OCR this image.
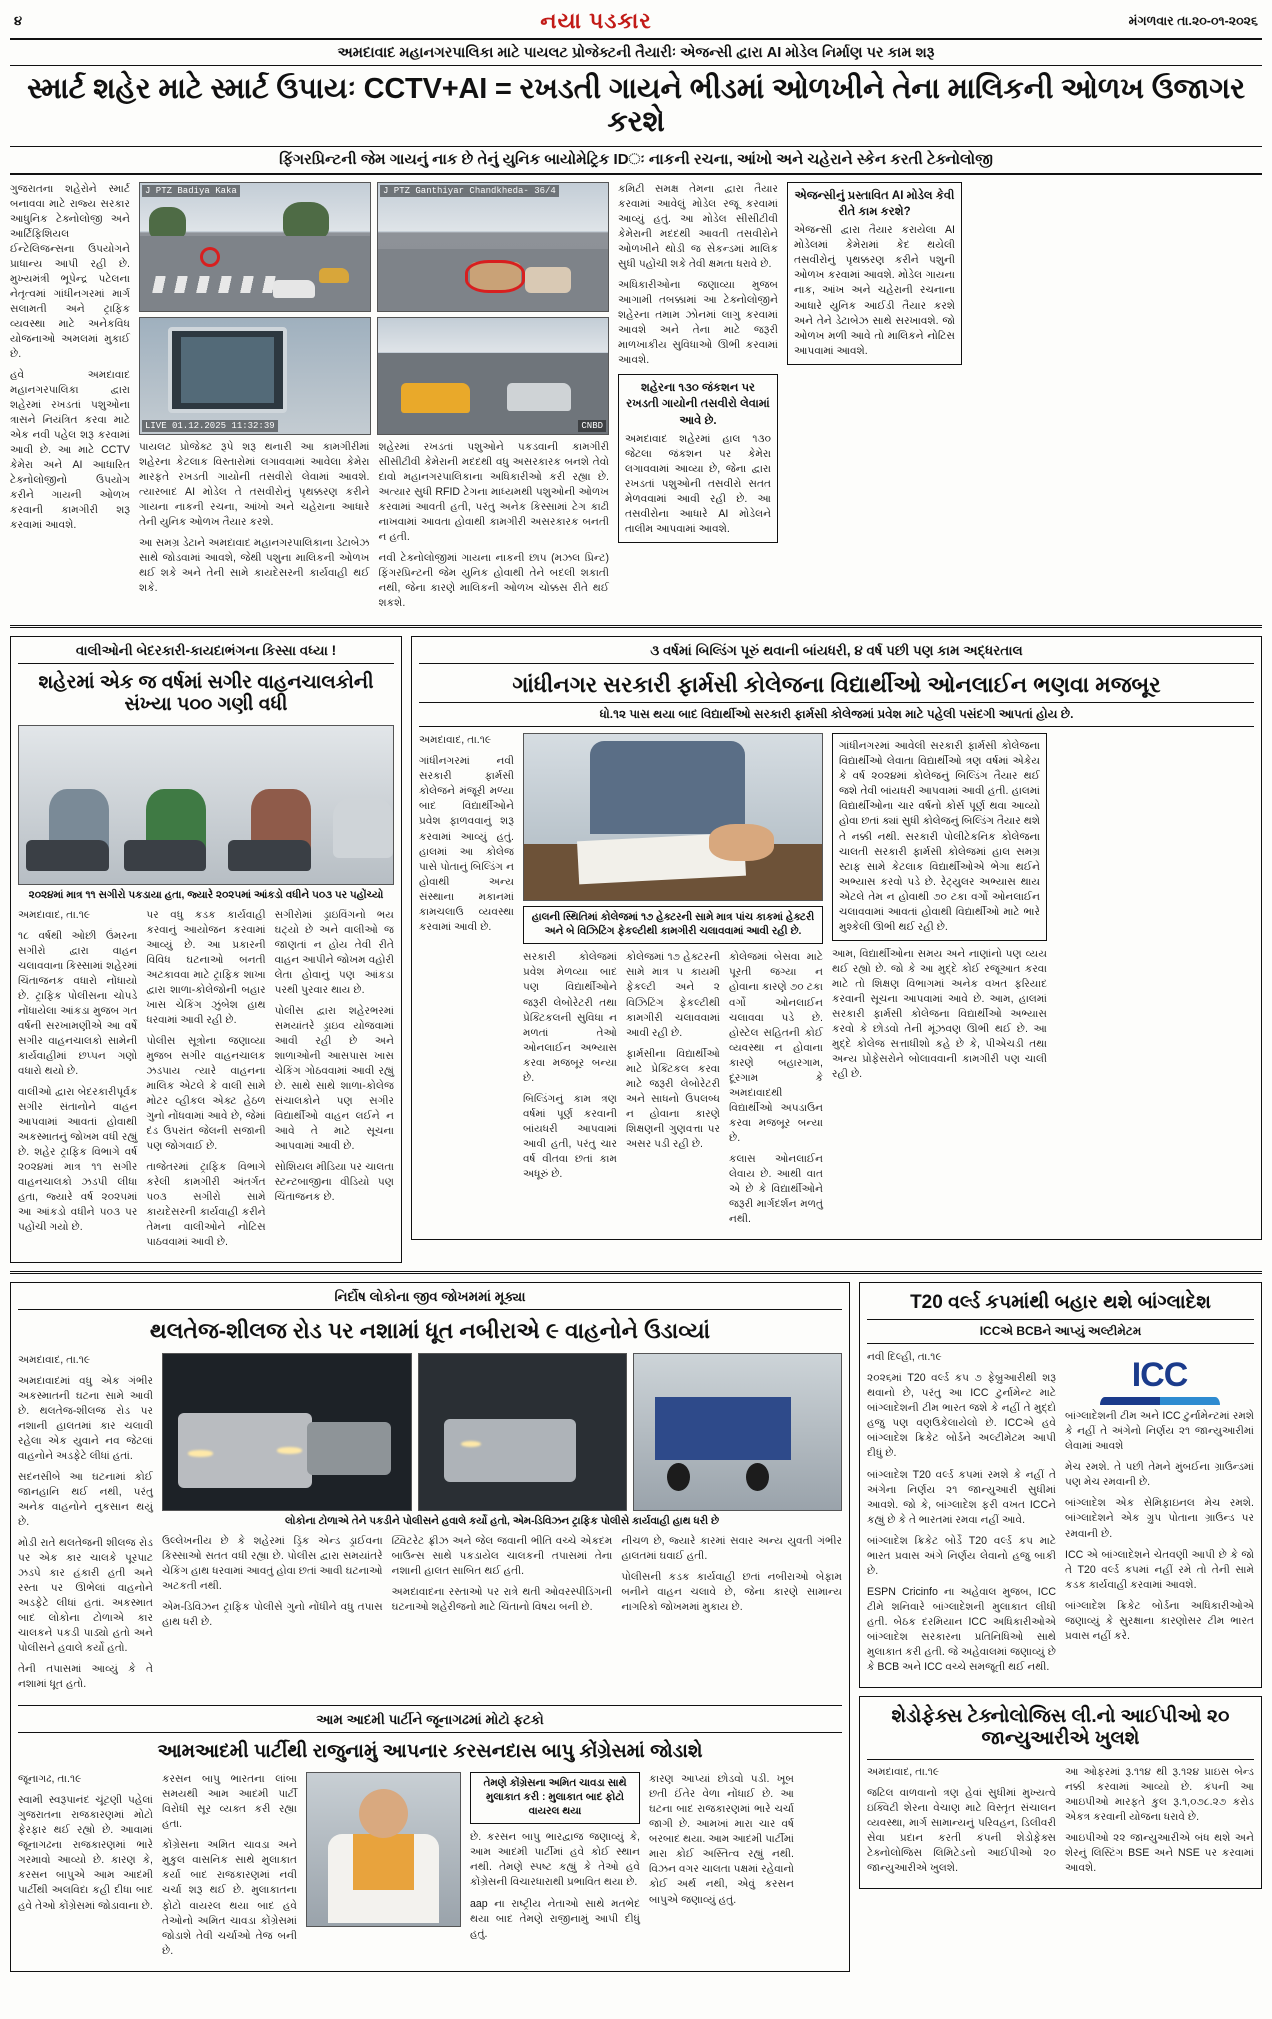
૪	નયા પડકાર	મંગળવાર તા.૨૦-૦૧-૨૦૨૬
અમદાવાદ મહાનગરપાલિકા માટે પાયલટ પ્રોજેક્ટની તૈયારીઃ એજન્સી દ્વારા AI મોડેલ નિર્માણ પર કામ શરૂ
સ્માર્ટ શહેર માટે સ્માર્ટ ઉપાયઃ CCTV+AI = રખડતી ગાયને ભીડમાં ઓળખીને તેના માલિકની ઓળખ ઉજાગર કરશે
ફિંગરપ્રિન્ટની જેમ ગાયનું નાક છે તેનું યુનિક બાયોમેટ્રિક IDઃ નાકની રચના, આંખો અને ચહેરાને સ્કેન કરતી ટેક્નોલોજી

ગુજરાતના શહેરોને સ્માર્ટ બનાવવા માટે રાજ્ય સરકાર આધુનિક ટેક્નોલોજી અને આર્ટિફિશિયલ ઈન્ટેલિજન્સના ઉપયોગને પ્રાધાન્ય આપી રહી છે. મુખ્યમંત્રી ભૂપેન્દ્ર પટેલના નેતૃત્વમાં ગાંધીનગરમાં માર્ગ સલામતી અને ટ્રાફિક વ્યવસ્થા માટે અનેકવિધ યોજનાઓ અમલમાં મુકાઈ છે.

હવે અમદાવાદ મહાનગરપાલિકા દ્વારા શહેરમાં રખડતાં પશુઓના ત્રાસને નિયંત્રિત કરવા માટે એક નવી પહેલ શરૂ કરવામાં આવી છે. આ માટે CCTV કેમેરા અને AI આધારિત ટેક્નોલોજીનો ઉપયોગ કરીને ગાયની ઓળખ કરવાની કામગીરી શરૂ કરવામાં આવશે.

J PTZ Badiya Kaka	J PTZ Ganthiyar Chandkheda- 36/4
LIVE 01.12.2025 11:32:39	CNBD

પાયલટ પ્રોજેક્ટ રૂપે શરૂ થનારી આ કામગીરીમાં શહેરના કેટલાક વિસ્તારોમાં લગાવવામાં આવેલા કેમેરા મારફતે રખડતી ગાયોની તસવીરો લેવામાં આવશે. ત્યારબાદ AI મોડેલ તે તસવીરોનું પૃથક્કરણ કરીને ગાયના નાકની રચના, આંખો અને ચહેરાના આધારે તેની યુનિક ઓળખ તૈયાર કરશે.

આ સમગ્ર ડેટાને અમદાવાદ મહાનગરપાલિકાના ડેટાબેઝ સાથે જોડવામાં આવશે, જેથી પશુના માલિકની ઓળખ થઈ શકે અને તેની સામે કાયદેસરની કાર્યવાહી થઈ શકે.

શહેરમાં રખડતાં પશુઓને પકડવાની કામગીરી સીસીટીવી કેમેરાની મદદથી વધુ અસરકારક બનશે તેવો દાવો મહાનગરપાલિકાના અધિકારીઓ કરી રહ્યા છે. અત્યાર સુધી RFID ટેગના માધ્યમથી પશુઓની ઓળખ કરવામાં આવતી હતી, પરંતુ અનેક કિસ્સામાં ટેગ કાઢી નાખવામાં આવતા હોવાથી કામગીરી અસરકારક બનતી ન હતી.

નવી ટેક્નોલોજીમાં ગાયના નાકની છાપ (મઝલ પ્રિન્ટ) ફિંગરપ્રિન્ટની જેમ યુનિક હોવાથી તેને બદલી શકાતી નથી, જેના કારણે માલિકની ઓળખ ચોક્કસ રીતે થઈ શકશે.

કમિટી સમક્ષ તેમના દ્વારા તૈયાર કરવામાં આવેલું મોડેલ રજૂ કરવામાં આવ્યું હતું. આ મોડેલ સીસીટીવી કેમેરાની મદદથી આવતી તસવીરોને ઓળખીને થોડી જ સેકન્ડમાં માલિક સુધી પહોંચી શકે તેવી ક્ષમતા ધરાવે છે.

અધિકારીઓના જણાવ્યા મુજબ આગામી તબક્કામાં આ ટેક્નોલોજીને શહેરના તમામ ઝોનમાં લાગુ કરવામાં આવશે અને તેના માટે જરૂરી માળખાકીય સુવિધાઓ ઊભી કરવામાં આવશે.

શહેરના ૧૩૦ જંકશન પર રખડતી ગાયોની તસવીરો લેવામાં આવે છે.
અમદાવાદ શહેરમાં હાલ ૧૩૦ જેટલા જંકશન પર કેમેરા લગાવવામાં આવ્યા છે, જેના દ્વારા રખડતાં પશુઓની તસવીરો સતત મેળવવામાં આવી રહી છે. આ તસવીરોના આધારે AI મોડેલને તાલીમ આપવામાં આવશે.
એજન્સીનું પ્રસ્તાવિત AI મોડેલ કેવી રીતે કામ કરશે?
એજન્સી દ્વારા તૈયાર કરાયેલા AI મોડેલમાં કેમેરામાં કેદ થયેલી તસવીરોનું પૃથક્કરણ કરીને પશુની ઓળખ કરવામાં આવશે. મોડેલ ગાયના નાક, આંખ અને ચહેરાની રચનાના આધારે યુનિક આઈડી તૈયાર કરશે અને તેને ડેટાબેઝ સાથે સરખાવશે. જો ઓળખ મળી આવે તો માલિકને નોટિસ આપવામાં આવશે.
વાલીઓની બેદરકારી-કાયદાભંગના કિસ્સા વધ્યા !
શહેરમાં એક જ વર્ષમાં સગીર વાહનચાલકોની સંખ્યા ૫૦૦ ગણી વધી
૨૦૨૪માં માત્ર ૧૧ સગીરો પકડાયા હતા, જ્યારે ૨૦૨૫માં આંકડો વધીને ૫૦૩ પર પહોંચ્યો

અમદાવાદ, તા.૧૯

૧૮ વર્ષથી ઓછી ઉંમરના સગીરો દ્વારા વાહન ચલાવવાના કિસ્સામાં શહેરમાં ચિંતાજનક વધારો નોંધાયો છે. ટ્રાફિક પોલીસના ચોપડે નોંધાયેલા આંકડા મુજબ ગત વર્ષની સરખામણીએ આ વર્ષે સગીર વાહનચાલકો સામેની કાર્યવાહીમાં છપ્પન ગણો વધારો થયો છે.

વાલીઓ દ્વારા બેદરકારીપૂર્વક સગીર સંતાનોને વાહન આપવામાં આવતાં હોવાથી અકસ્માતનું જોખમ વધી રહ્યું છે. શહેર ટ્રાફિક વિભાગે વર્ષ ૨૦૨૪માં માત્ર ૧૧ સગીર વાહનચાલકો ઝડપી લીધા હતા, જ્યારે વર્ષ ૨૦૨૫માં આ આંકડો વધીને ૫૦૩ પર પહોંચી ગયો છે.

પર વધુ કડક કાર્યવાહી કરવાનું આયોજન કરવામાં આવ્યું છે. આ પ્રકારની વિવિધ ઘટનાઓ બનતી અટકાવવા માટે ટ્રાફિક શાખા દ્વારા શાળા-કોલેજોની બહાર ખાસ ચેકિંગ ઝુંબેશ હાથ ધરવામાં આવી રહી છે.

પોલીસ સૂત્રોના જણાવ્યા મુજબ સગીર વાહનચાલક ઝડપાય ત્યારે વાહનના માલિક એટલે કે વાલી સામે મોટર વ્હીકલ એક્ટ હેઠળ ગુનો નોંધવામાં આવે છે, જેમાં દંડ ઉપરાંત જેલની સજાની પણ જોગવાઈ છે.

તાજેતરમાં ટ્રાફિક વિભાગે કરેલી કામગીરી અંતર્ગત ૫૦૩ સગીરો સામે કાયદેસરની કાર્યવાહી કરીને તેમના વાલીઓને નોટિસ પાઠવવામાં આવી છે.

સગીરોમાં ડ્રાઇવિંગનો ભય ઘટ્યો છે અને વાલીઓ જ જાણતાં ન હોય તેવી રીતે વાહન આપીને જોખમ વહોરી લેતા હોવાનું પણ આંકડા પરથી પુરવાર થાય છે.

પોલીસ દ્વારા શહેરભરમાં સમયાંતરે ડ્રાઇવ યોજવામાં આવી રહી છે અને શાળાઓની આસપાસ ખાસ ચેકિંગ ગોઠવવામાં આવી રહ્યું છે. સાથે સાથે શાળા-કોલેજ સંચાલકોને પણ સગીર વિદ્યાર્થીઓ વાહન લઈને ન આવે તે માટે સૂચના આપવામાં આવી છે.

સોશિયલ મીડિયા પર ચાલતા સ્ટન્ટબાજીના વીડિયો પણ ચિંતાજનક છે.

૩ વર્ષમાં બિલ્ડિંગ પૂરું થવાની બાંયધરી, ૪ વર્ષ પછી પણ કામ અદ્ધરતાલ
ગાંધીનગર સરકારી ફાર્મસી કોલેજના વિદ્યાર્થીઓ ઓનલાઈન ભણવા મજબૂર
ધો.૧૨ પાસ થયા બાદ વિદ્યાર્થીઓ સરકારી ફાર્મસી કોલેજમાં પ્રવેશ માટે પહેલી પસંદગી આપતાં હોય છે.

અમદાવાદ, તા.૧૯

ગાંધીનગરમાં નવી સરકારી ફાર્મસી કોલેજને મંજૂરી મળ્યા બાદ વિદ્યાર્થીઓને પ્રવેશ ફાળવવાનું શરૂ કરવામાં આવ્યું હતું. હાલમાં આ કોલેજ પાસે પોતાનું બિલ્ડિંગ ન હોવાથી અન્ય સંસ્થાના મકાનમાં કામચલાઉ વ્યવસ્થા કરવામાં આવી છે.

હાલની સ્થિતિમાં કોલેજમાં ૧૭ હેક્ટરની સામે માત્ર પાંચ કાકમાં હેક્ટરી અને બે વિઝિટિંગ ફેકલ્ટીથી કામગીરી ચલાવવામાં આવી રહી છે.

સરકારી કોલેજમાં પ્રવેશ મેળવ્યા બાદ પણ વિદ્યાર્થીઓને જરૂરી લેબોરેટરી તથા પ્રેક્ટિકલની સુવિધા ન મળતાં તેઓ ઓનલાઈન અભ્યાસ કરવા મજબૂર બન્યા છે.

બિલ્ડિંગનું કામ ત્રણ વર્ષમાં પૂર્ણ કરવાની બાંયધરી આપવામાં આવી હતી, પરંતુ ચાર વર્ષ વીતવા છતાં કામ અધૂરું છે.

કોલેજમાં ૧૭ હેક્ટરની સામે માત્ર ૫ કાયમી ફેકલ્ટી અને ૨ વિઝિટિંગ ફેકલ્ટીથી કામગીરી ચલાવવામાં આવી રહી છે.

ફાર્મસીના વિદ્યાર્થીઓ માટે પ્રેક્ટિકલ કરવા માટે જરૂરી લેબોરેટરી અને સાધનો ઉપલબ્ધ ન હોવાના કારણે શિક્ષણની ગુણવત્તા પર અસર પડી રહી છે.

કોલેજમાં બેસવા માટે પૂરતી જગ્યા ન હોવાના કારણે ૭૦ ટકા વર્ગો ઓનલાઈન ચલાવવા પડે છે. હોસ્ટેલ સહિતની કોઈ વ્યવસ્થા ન હોવાના કારણે બહારગામ, દૂરગામ કે અમદાવાદથી વિદ્યાર્થીઓ અપડાઉન કરવા મજબૂર બન્યા છે.

કલાસ ઓનલાઈન લેવાય છે. આથી વાત એ છે કે વિદ્યાર્થીઓને જરૂરી માર્ગદર્શન મળતું નથી.

ગાંધીનગરમાં આવેલી સરકારી ફાર્મસી કોલેજના વિદ્યાર્થીઓ લેવાતા વિદ્યાર્થીઓ ત્રણ વર્ષમાં એકેય કે વર્ષ ૨૦૨૪માં કોલેજનું બિલ્ડિંગ તૈયાર થઈ જશે તેવી બાંયધરી આપવામાં આવી હતી. હાલમાં વિદ્યાર્થીઓના ચાર વર્ષનો કોર્સ પૂર્ણ થવા આવ્યો હોવા છતાં ક્યાં સુધી કોલેજનું બિલ્ડિંગ તૈયાર થશે તે નક્કી નથી. સરકારી પોલીટેકનિક કોલેજના ચાલતી સરકારી ફાર્મસી કોલેજમાં હાલ સમગ્ર સ્ટાફ સામે કેટલાક વિદ્યાર્થીઓએ ભેગા થઈને અભ્યાસ કરવો પડે છે. રેટ્યુલર અભ્યાસ થાય એટલે તેમ ન હોવાથી ૭૦ ટકા વર્ગો ઓનલાઈન ચલાવવામાં આવતાં હોવાથી વિદ્યાર્થીઓ માટે ભારે મુશ્કેલી ઊભી થઈ રહી છે.

આમ, વિદ્યાર્થીઓના સમય અને નાણાંનો પણ વ્યય થઈ રહ્યો છે. જો કે આ મુદ્દે કોઈ રજૂઆત કરવા માટે તો શિક્ષણ વિભાગમાં અનેક વખત ફરિયાદ કરવાની સૂચના આપવામાં આવે છે. આમ, હાલમાં સરકારી ફાર્મસી કોલેજના વિદ્યાર્થીઓ અભ્યાસ કરવો કે છોડવો તેની મૂંઝવણ ઊભી થઈ છે. આ મુદ્દે કોલેજ સત્તાધીશો કહે છે કે, પીએચડી તથા અન્ય પ્રોફેસરોને બોલાવવાની કામગીરી પણ ચાલી રહી છે.

નિર્દોષ લોકોના જીવ જોખમમાં મૂક્યા
થલતેજ-શીલજ રોડ પર નશામાં ધૂત નબીરાએ ૯ વાહનોને ઉડાવ્યાં

અમદાવાદ, તા.૧૯

અમદાવાદમાં વધુ એક ગંભીર અકસ્માતની ઘટના સામે આવી છે. થલતેજ-શીલજ રોડ પર નશાની હાલતમાં કાર ચલાવી રહેલા એક યુવાને નવ જેટલાં વાહનોને અડફેટે લીધાં હતાં.

સદનસીબે આ ઘટનામાં કોઈ જાનહાનિ થઈ નથી, પરંતુ અનેક વાહનોને નુકસાન થયું છે.

મોડી રાતે થલતેજની શીલજ રોડ પર એક કાર ચાલકે પૂરપાટ ઝડપે કાર હંકારી હતી અને રસ્તા પર ઊભેલાં વાહનોને અડફેટે લીધાં હતાં. અકસ્માત બાદ લોકોના ટોળાએ કાર ચાલકને પકડી પાડ્યો હતો અને પોલીસને હવાલે કર્યો હતો.

તેની તપાસમાં આવ્યું કે તે નશામાં ધૂત હતો.

લોકોના ટોળાએ તેને પકડીને પોલીસને હવાલે કર્યો હતો, એમ-ડિવિઝન ટ્રાફિક પોલીસે કાર્યવાહી હાથ ધરી છે

ઉલ્લેખનીય છે કે શહેરમાં ડ્રિંક એન્ડ ડ્રાઈવના કિસ્સાઓ સતત વધી રહ્યા છે. પોલીસ દ્વારા સમયાંતરે ચેકિંગ હાથ ધરવામાં આવતું હોવા છતાં આવી ઘટનાઓ અટકતી નથી.

એમ-ડિવિઝન ટ્રાફિક પોલીસે ગુનો નોંધીને વધુ તપાસ હાથ ધરી છે.

ટ્વિટરેટ ફ્રીઝ અને જેલ જવાની ભીતિ વચ્ચે એકદમ બાઉન્સ સાથે પકડાયેલ ચાલકની તપાસમાં તેના નશાની હાલત સાબિત થઈ હતી.

અમદાવાદના રસ્તાઓ પર રાત્રે થતી ઓવરસ્પીડિંગની ઘટનાઓ શહેરીજનો માટે ચિંતાનો વિષય બની છે.

નીચળ છે, જ્યારે કારમાં સવાર અન્ય યુવતી ગંભીર હાલતમાં ઘવાઈ હતી.

પોલીસની કડક કાર્યવાહી છતાં નબીરાઓ બેફામ બનીને વાહન ચલાવે છે, જેના કારણે સામાન્ય નાગરિકો જોખમમાં મુકાય છે.

આમ આદમી પાર્ટીને જૂનાગઢમાં મોટો ફટકો
આમઆદમી પાર્ટીથી રાજુનામું આપનાર કરસનદાસ બાપુ કોંગ્રેસમાં જોડાશે

જૂનાગઢ, તા.૧૯

સ્વામી સ્વરૂપાનંદ ચૂંટણી પહેલાં ગુજરાતના રાજકારણમાં મોટો ફેરફાર થઈ રહ્યો છે. આવામાં જૂનાગઢના રાજકારણમાં ભારે ગરમાવો આવ્યો છે. કારણ કે, કરસન બાપુએ આમ આદમી પાર્ટીથી અલવિદા કહી દીધા બાદ હવે તેઓ કોંગ્રેસમાં જોડાવાના છે.

કરસન બાપુ ભારતના લાંબા સમયથી આમ આદમી પાર્ટી વિરોધી સૂર વ્યક્ત કરી રહ્યા હતા.

કોંગ્રેસના અમિત ચાવડા અને મુકુલ વાસનિક સાથે મુલાકાત કર્યા બાદ રાજકારણમાં નવી ચર્ચા શરૂ થઈ છે. મુલાકાતના ફોટો વાયરલ થયા બાદ હવે તેઓનો અમિત ચાવડા કોંગ્રેસમાં જોડાશે તેવી ચર્ચાઓ તેજ બની છે.

તેમણે કોંગ્રેસના અમિત ચાવડા સાથે મુલાકાત કરી : મુલાકાત બાદ ફોટો વાયરલ થયા

છે. કરસન બાપુ ભારદ્વાજ જણાવ્યું કે, આમ આદમી પાર્ટીમાં હવે કોઈ સ્થાન નથી. તેમણે સ્પષ્ટ કહ્યું કે તેઓ હવે કોંગ્રેસની વિચારધારાથી પ્રભાવિત થયા છે.

aap ના રાષ્ટ્રીય નેતાઓ સાથે મતભેદ થયા બાદ તેમણે રાજીનામું આપી દીધું હતું.

કારણ આપ્યાં છોડવો પડી. ખૂબ છતી ઈંતેર વેળા નોંધાઈ છે. આ ઘટના બાદ રાજકારણમાં ભારે ચર્ચા જાગી છે. આમખાં મારા ચાર વર્ષ બરબાદ થયા. આમ આદમી પાર્ટીમાં મારા કોઈ અસ્તિત્વ રહ્યું નથી. વિઝન વગર ચાલતા પક્ષમાં રહેવાનો કોઈ અર્થ નથી, એવું કરસન બાપુએ જણાવ્યું હતું.

T20 વર્લ્ડ કપમાંથી બહાર થશે બાંગ્લાદેશ
ICCએ BCBને આપ્યું અલ્ટીમેટમ

નવી દિલ્હી, તા.૧૯

૨૦૨૬માં T20 વર્લ્ડ કપ ૭ ફેબ્રુઆરીથી શરૂ થવાનો છે, પરંતુ આ ICC ટુર્નામેન્ટ માટે બાંગ્લાદેશની ટીમ ભારત જશે કે નહીં તે મુદ્દો હજુ પણ વણઉકેલાયેલો છે. ICCએ હવે બાંગ્લાદેશ ક્રિકેટ બોર્ડને અલ્ટીમેટમ આપી દીધું છે.

બાંગ્લાદેશ T20 વર્લ્ડ કપમાં રમશે કે નહીં તે અંગેના નિર્ણય ૨૧ જાન્યુઆરી સુધીમાં આવશે. જો કે, બાંગ્લાદેશ ફરી વખત ICCને કહ્યું છે કે તે ભારતમાં રમવા નહીં આવે.

બાંગ્લાદેશ ક્રિકેટ બોર્ડે T20 વર્લ્ડ કપ માટે ભારત પ્રવાસ અંગે નિર્ણય લેવાનો હજુ બાકી છે.

ESPN Cricinfo ના અહેવાલ મુજબ, ICC ટીમે શનિવારે બાંગ્લાદેશની મુલાકાત લીધી હતી. બેઠક દરમિયાન ICC અધિકારીઓએ બાંગ્લાદેશ સરકારના પ્રતિનિધિઓ સાથે મુલાકાત કરી હતી. જે અહેવાલમાં જણાવ્યું છે કે BCB અને ICC વચ્ચે સમજૂતી થઈ નથી.

ICC

બાંગ્લાદેશની ટીમ અને ICC ટુર્નામેન્ટમાં રમશે કે નહીં તે અંગેનો નિર્ણય ૨૧ જાન્યુઆરીમાં લેવામાં આવશે

મેચ રમશે. તે પછી તેમને મુંબઈના ગ્રાઉન્ડમાં પણ મેચ રમવાની છે.

બાંગ્લાદેશ એક સેમિફાઇનલ મેચ રમશે. બાંગ્લાદેશને એક ગ્રુપ પોતાના ગ્રાઉન્ડ પર રમવાની છે.

ICC એ બાંગ્લાદેશને ચેતવણી આપી છે કે જો તે T20 વર્લ્ડ કપમાં નહીં રમે તો તેની સામે કડક કાર્યવાહી કરવામાં આવશે.

બાંગ્લાદેશ ક્રિકેટ બોર્ડના અધિકારીઓએ જણાવ્યું કે સુરક્ષાના કારણોસર ટીમ ભારત પ્રવાસ નહીં કરે.

શેડોફેક્સ ટેક્નોલોજિસ લી.નો આઈપીઓ ૨૦ જાન્યુઆરીએ ખુલશે

અમદાવાદ, તા.૧૯

જટિલ વાળવાનો ત્રણ હેવાં સુધીમાં મુખ્યત્વે ઇક્વિટી શેરના વેચાણ માટે વિસ્તૃત સંચાલન વ્યવસ્થા, માર્ગ સામાન્યનું પરિવહન, ડિલીવરી સેવા પ્રદાન કરતી કંપની શેડોફેક્સ ટેક્નોલોજિસ લિમિટેડનો આઈપીઓ ૨૦ જાન્યુઆરીએ ખુલશે.

આ ઓફરમાં રૂ.૧૧૪ થી રૂ.૧૨૪ પ્રાઇસ બેન્ડ નક્કી કરવામાં આવ્યો છે. કંપની આ આઇપીઓ મારફતે કુલ રૂ.૧,૦૭૮.૨૭ કરોડ એકત્ર કરવાની યોજના ધરાવે છે.

આઇપીઓ ૨૨ જાન્યુઆરીએ બંધ થશે અને શેરનું લિસ્ટિંગ BSE અને NSE પર કરવામાં આવશે.
